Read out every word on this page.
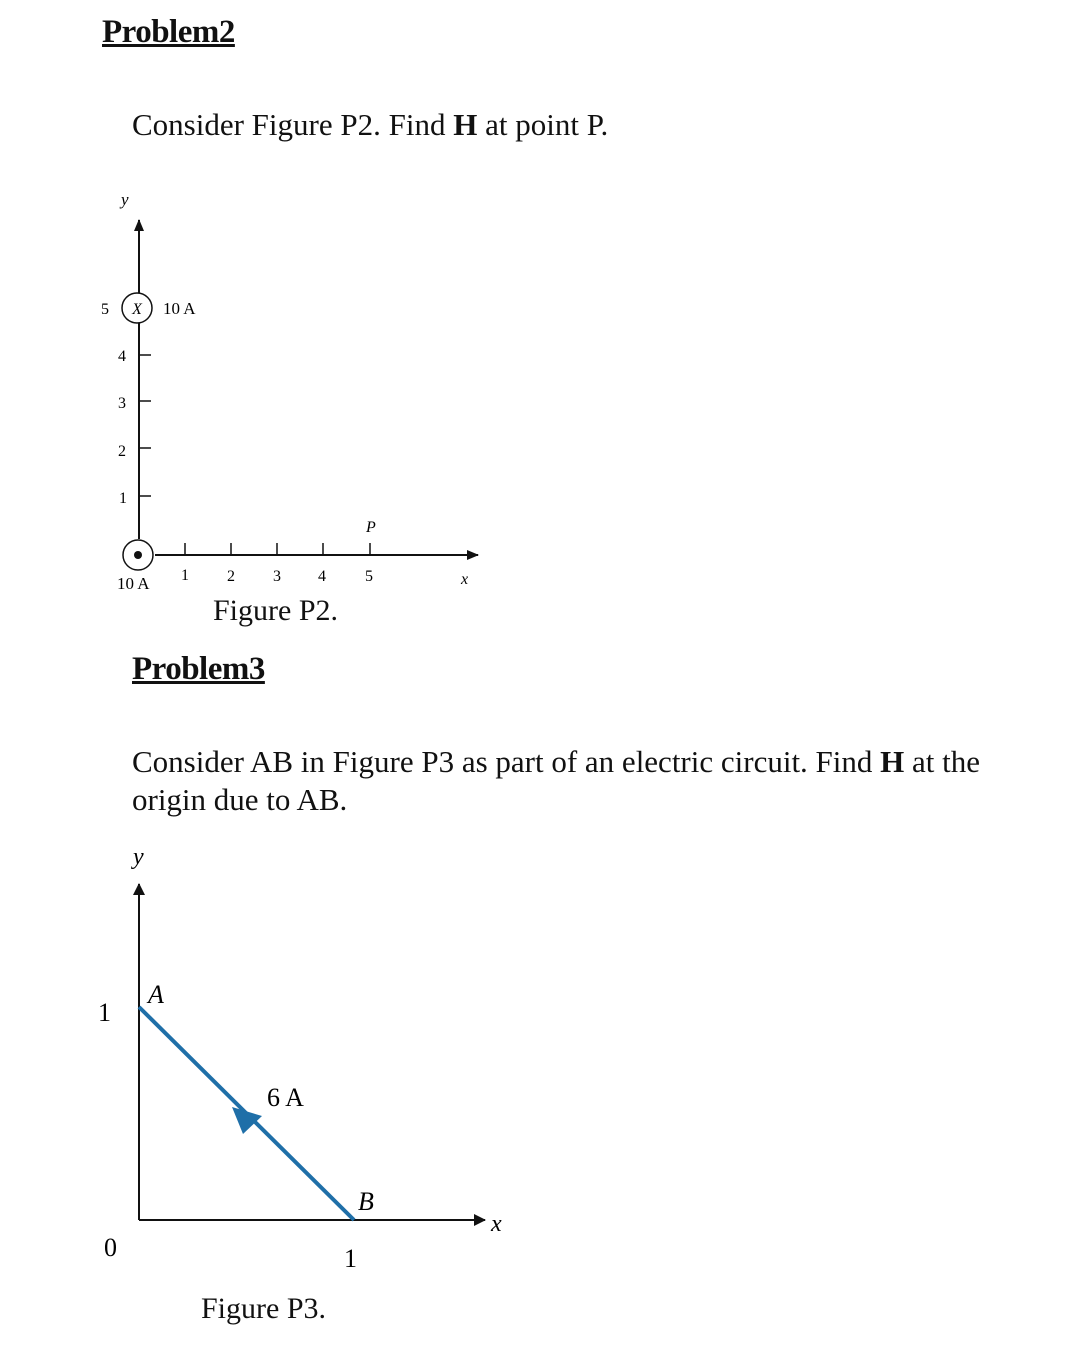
Problem2
Consider Figure P2. Find H at point P.
y
x
1
2
3
4
5
1 2 3 4 5
P
X 10 A
10 A
Figure P2.
Problem3
Consider AB in Figure P3 as part of an electric circuit. Find H at the origin due to AB.
y
x
1
0	1
A
B
6 A
Figure P3.
